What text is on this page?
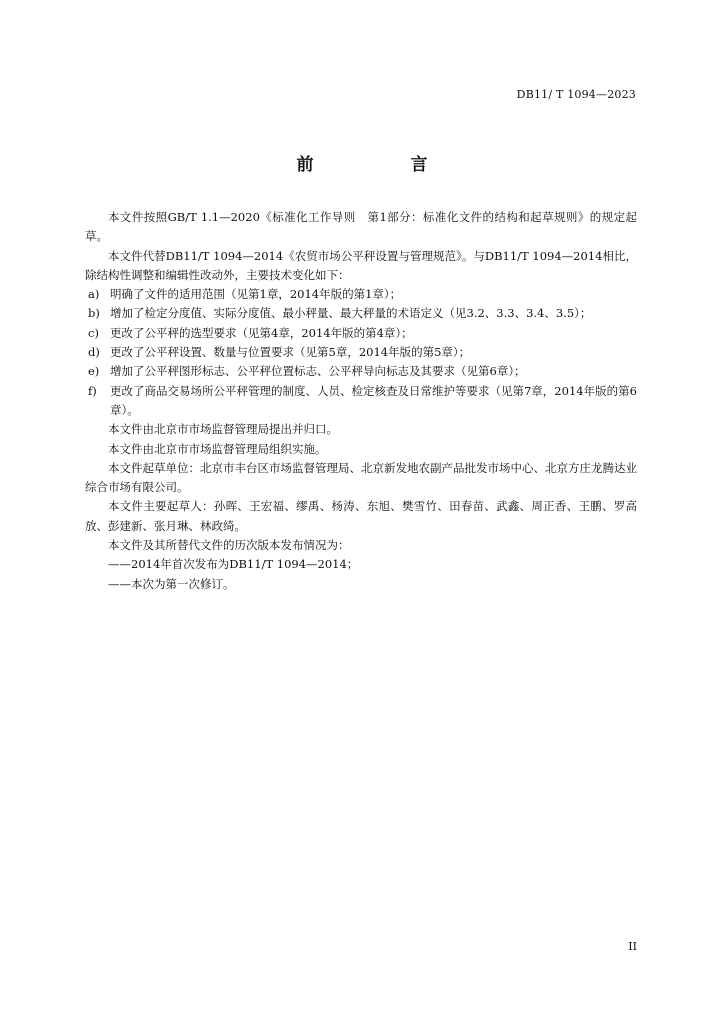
DB11/ T 1094—2023
前　言

本文件按照GB/T 1.1—2020《标准化工作导则　第1部分：标准化文件的结构和起草规则》的规定起草。

本文件代替DB11/T 1094—2014《农贸市场公平秤设置与管理规范》。与DB11/T 1094—2014相比，除结构性调整和编辑性改动外，主要技术变化如下：

a) 明确了文件的适用范围（见第1章，2014年版的第1章）；
b) 增加了检定分度值、实际分度值、最小秤量、最大秤量的术语定义（见3.2、3.3、3.4、3.5）；
c) 更改了公平秤的选型要求（见第4章，2014年版的第4章）；
d) 更改了公平秤设置、数量与位置要求（见第5章，2014年版的第5章）；
e) 增加了公平秤图形标志、公平秤位置标志、公平秤导向标志及其要求（见第6章）；
f)	更改了商品交易场所公平秤管理的制度、人员、检定核查及日常维护等要求（见第7章，2014年版的第6章）。

本文件由北京市市场监督管理局提出并归口。

本文件由北京市市场监督管理局组织实施。

本文件起草单位：北京市丰台区市场监督管理局、北京新发地农副产品批发市场中心、北京方庄龙腾达业综合市场有限公司。

本文件主要起草人：孙晖、王宏福、缪禹、杨涛、东旭、樊雪竹、田春苗、武鑫、周正香、王鹏、罗高放、彭建新、张月琳、林政绮。

本文件及其所替代文件的历次版本发布情况为：

——2014年首次发布为DB11/T 1094—2014；

——本次为第一次修订。

II
